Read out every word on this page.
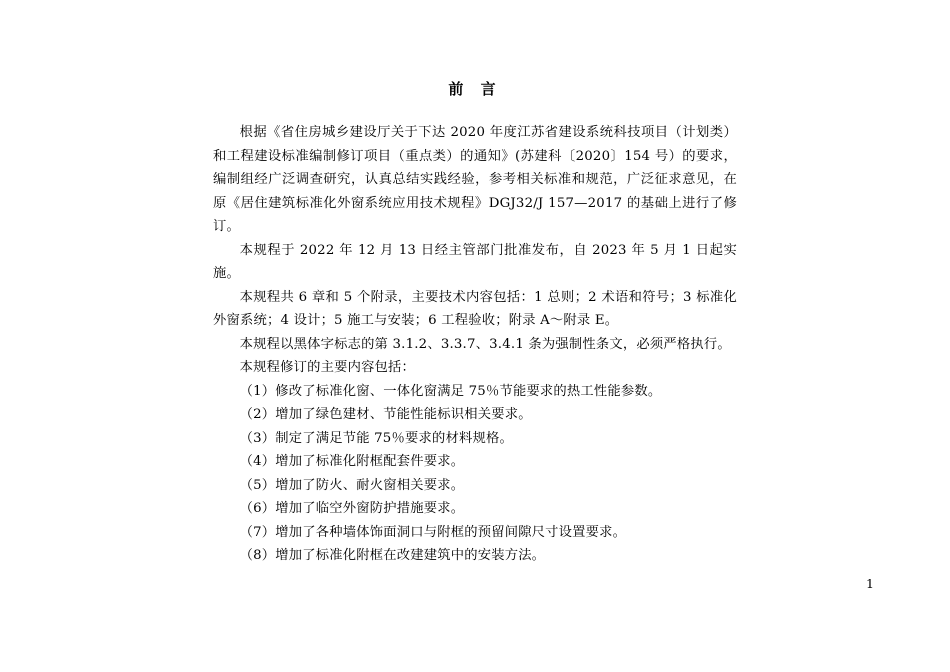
前 言

根据《省住房城乡建设厅关于下达 2020 年度江苏省建设系统科技项目（计划类）和工程建设标准编制修订项目（重点类）的通知》(苏建科〔2020〕154 号）的要求，编制组经广泛调查研究，认真总结实践经验，参考相关标准和规范，广泛征求意见，在原《居住建筑标准化外窗系统应用技术规程》DGJ32/J 157—2017 的基础上进行了修订。

本规程于 2022 年 12 月 13 日经主管部门批准发布，自 2023 年 5 月 1 日起实施。

本规程共 6 章和 5 个附录，主要技术内容包括：1 总则；2 术语和符号；3 标准化外窗系统；4 设计；5 施工与安装；6 工程验收；附录 A～附录 E。

本规程以黑体字标志的第 3.1.2、3.3.7、3.4.1 条为强制性条文，必须严格执行。

本规程修订的主要内容包括：

（1）修改了标准化窗、一体化窗满足 75％节能要求的热工性能参数。

（2）增加了绿色建材、节能性能标识相关要求。

（3）制定了满足节能 75％要求的材料规格。

（4）增加了标准化附框配套件要求。

（5）增加了防火、耐火窗相关要求。

（6）增加了临空外窗防护措施要求。

（7）增加了各种墙体饰面洞口与附框的预留间隙尺寸设置要求。

（8）增加了标准化附框在改建建筑中的安装方法。

1
